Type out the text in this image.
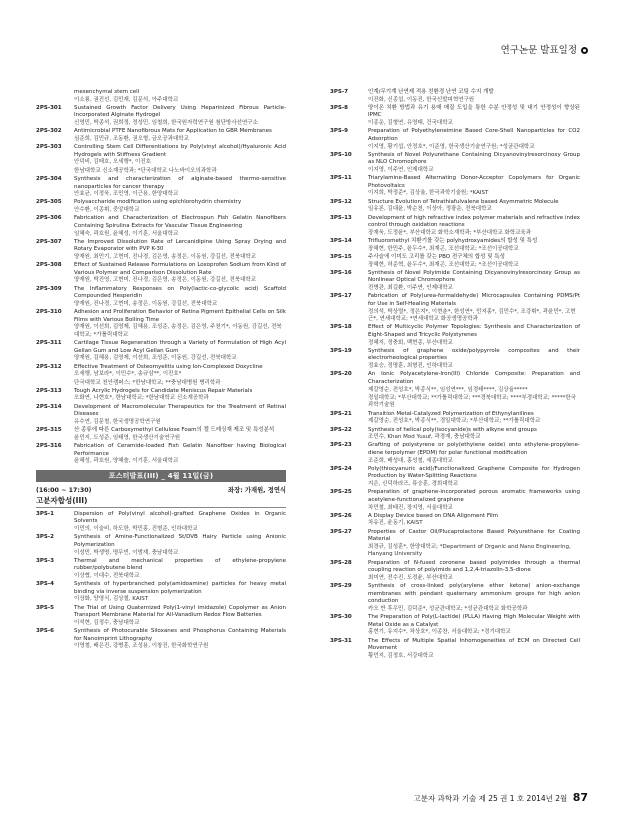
연구논문 발표일정
mesenchymal stem cell
이소룡, 권진선, 김민재, 김문석, 아주대학교
2PS-301 Sustained Growth Factor Delivery Using Heparinized Fibrous Particle-Incorporated Alginate Hydrogel
신영민, 박종석, 권희정, 정성민, 임철희, 한국원자력연구원 첨단방사선연구소
2PS-302 Antimicrobial PTFE Nanofibrous Mats for Application to GBR Membranes
심준희, 김민규, 조동환, 권오형, 금오공과대학교
2PS-303 Controlling Stem Cell Differentiations by Poly(vinyl alcohol)/Hyaluronic Acid Hydrogels with Stiffness Gradient
안덕비, 김태호, 오세행*, 이진호
한남대학교 신소재공학과; *단국대학교 나노바이오의과학과
2PS-304 Synthesis and characterization of alginate-based thermo-sensitive nanoparticles for cancer therapy
안효균, 이정욱, 조민영, 이근용, 한양대학교
2PS-305 Polysaccharide modification using epichlorohydrin chemistry
안수환, 이종휘, 중앙대학교
2PS-306 Fabrication and Characterization of Electrospun Fish Gelatin Nanofibers Containing Spirulina Extracts for Vascular Tissue Engineering
임혜숙, 곽호원, 윤혜성, 이기훈, 서울대학교
2PS-307 The Improved Dissolution Rate of Lercanidipine Using Spray Drying and Rotary Evaporator with PVP K-30
양재원, 최민기, 고현미, 진나경, 김은영, 송정은, 이동원, 강길선, 전북대학교
2PS-308 Effect of Sustained Release Formulations on Loxoprofen Sodium from Kind of Various Polymer and Comparison Dissolution Rate
양재원, 박진영, 고현미, 진나경, 김은영, 송정은, 이동원, 강길선, 전북대학교
2PS-309 The Inflammatory Responses on Poly(lactic-co-glycolic acid) Scaffold Compounded Hesperidin
양재원, 진나경, 고현미, 송정은, 이동원, 강길선, 전북대학교
2PS-310 Adhesion and Proliferation Behavior of Retina Pigment Epithelial Cells on Silk Films with Various Boiling Time
양재원, 이선희, 김영제, 김혜용, 조성준, 송정은, 김은영, 주천기*, 이동원, 강길선, 전북대학교; *가톨릭대학교
2PS-311 Cartilage Tissue Regeneration through a Variety of Formulation of High Acyl Gellan Gum and Low Acyl Gellan Gum
양재원, 김혜용, 김영제, 이선희, 조성준, 이동원, 강길선, 전북대학교
2PS-312 Effective Treatment of Osteomyelitis using Ion-Complexed Doxycline
오세행, 남보라*, 이민수*, 송규삼**, 이진호*
단국대학교 천안캠퍼스; *한남대학교; **충남대병원 병리학과
2PS-313 Tough Acrylic Hydrogels for Candidate Meniscus Repair Materials
오화연, 나현호*, 한남대학교; *한남대학교 신소재공학과
2PS-314 Development of Macromolecular Therapeutics for the Treatment of Retinal Diseases
유수연, 김문철, 한국생명공학연구원
2PS-315 산 종류에 따른 Carboxymethyl Cellulose Foam의 겔 드레싱재 제조 및 특성분석
윤민지, 도성준, 임태영, 한국생산기술연구원
2PS-316 Fabrication of Ceramide-loaded Fish Gelatin Nanofiber having Biological Performance
윤혜성, 곽호원, 양혜솔, 이기훈, 서울대학교
포스터발표(III) _ 4월 11일(금)
(16:00 ~ 17:30)	좌장: 가재원, 정연식
고분자합성(III)
3PS-1	Dispersion of Poly(vinyl alcohol)-grafted Graphene Oxides in Organic Solvents
이민의, 이슬비, 하도한, 박민홍, 진형준, 인하대학교
3PS-2	Synthesis of Amine-Functionalized St/DVB Hairy Particle using Anionic Polymerization
이성민, 박생명, 명무빈, 이범재, 충남대학교
3PS-3	Thermal and mechanical properties of ethylene-propylene rubber/polybutene blend
이상협, 이대수, 전북대학교
3PS-4	Synthesis of hyperbranched poly(amidoamine) particles for heavy metal binding via inverse suspension polymerization
이상화, 양영식, 김상철, KAIST
3PS-5	The Trial of Using Quaternized Poly(1-vinyl imidazole) Copolymer as Anion Transport Membrane Material for All-Vanadium Redox Flow Batteries
이석현, 김정수, 충남대학교
3PS-6	Synthesis of Photocurable Siloxanes and Phosphorus Containing Materials for Nanoimprint Lithography
이영철, 배은진, 강병훈, 조성용, 이창진, 한국화학연구원
3PS-7	인계/무기계 난연제 적용 친환경 난연 코팅 수지 개발
이진화, 신종섭, 이동진, 한국신발피혁연구원
3PS-8	양이온 치환 방법과 유기 용매 매질 도입을 통한 수분 안정성 및 대기 안정성이 향상된 IPMC
이종운, 김형연, 유영태, 건국대학교
3PS-9	Preparation of Polyethyleneimine Based Core-Shell Nanoparticles for CO2 Adsorption
이지영, 황기섭, 안정호*, 이준영, 한국생산기술연구원; *성균관대학교
3PS-10	Synthesis of Novel Polyurethane Containing Dicyanovinylresorcinoxy Group as NLO Chromophore
이지영, 이주연, 인제대학교
3PS-11	Triarylamine-Based Alternating Donor-Acceptor Copolymers for Organic Photovoltaics
이지희, 박정준*, 김상율, 한국과학기술원; *KAIST
3PS-12	Structure Evolution of Tetrathiafulvalene based Asymmetric Molecule
임유론, 김대윤, 박순천, 이상아, 정광운, 전북대학교
3PS-13	Development of high refractive index polymer materials and refractive index control through oxidation reactions
장재욱, 도정윤*, 부산대학교 화학소재학과; *부산대학교 화학교육과
3PS-14	Trifluoromethyl 치환기를 갖는 polyhydroxyamides의 합성 및 특성
장혜현, 한민주, 윤두수*, 최재곤, 조선대학교; *조선이공대학교
3PS-15	주사슬에 이미도 고리를 갖는 PBO 전구체의 합성 및 특성
장혜현, 허준혁, 윤두수*, 최재곤, 조선대학교; *조선이공대학교
3PS-16	Synthesis of Novel Polyimide Containing Dicyanovinylresorcinoxy Group as Nonlinear Optical Chromophore
전병관, 최길환, 이주연, 인제대학교
3PS-17	Fabrication of Poly(urea-formaldehyde) Microcapsules Containing PDMS/Pt for Use in Self-Healing Materials
정의석, 박상렬*, 정은지*, 이현춘*, 한성연*, 민지홍*, 김민수*, 조강휘*, 곽윤민*, 고현근*, 연세대학교; *연세대학교 화공생명공학과
3PS-18	Effect of Multicyclic Polymer Topologies: Synthesis and Characterization of Eight-Shaped and Tricyclic Polystyrenes
정혜지, 정충회, 백현종, 부산대학교
3PS-19	Synthesis of graphene oxide/polypyrrole composites and their electrorheological properties
정효승, 정명훈, 최형진, 인하대학교
3PS-20	An Ionic Polyacetylene-Iron(III) Chloride Composite: Preparation and Characterization
제갈영순, 전성호*, 박종식**, 임성연***, 임경태****, 김상율*****
경일대학교; *부산대학교; **가톨릭대학교; ***경북대학교; ****부경대학교; *****한국과학기술원
3PS-21	Transition Metal-Catalyzed Polymerization of Ethynylanilines
제갈영순, 전성호*, 박종식**, 경일대학교; *부산대학교; **가톨릭대학교
3PS-22	Synthesis of helical poly(isocyanide)s with alkyne end groups
조민수, Khan Mod Yusuf, 곽경재, 충남대학교
3PS-23	Grafting of polystyrene or poly(ethylene oxide) onto ethylene-propylene-diene terpolymer (EPDM) for polar functional modification
조준희, 배성대, 홍성철, 세종대학교
3PS-24	Poly(thiocyanuric acid)/Functionalized Graphene Composite for Hydrogen Production by Water-Splitting Reactions
지은, 신덕하라즈, 류승훈, 경희대학교
3PS-25	Preparation of graphene-incorporated porous aromatic frameworks using acetylene-functionalized graphene
차민철, 최태진, 장지영, 서울대학교
3PS-26	A Display Device based on DNA Alignment Film
차유진, 윤동기, KAIST
3PS-27	Properties of Castor Oil/Plucaprolactone Based Polyurethane for Coating Material
최경규, 김성훈*, 한양대학교; *Department of Organic and Nano Engineering, Hanyang University
3PS-28	Preparation of N-fused coronene based polyimides through a thermal coupling reaction of polyimids and 1,2,4-triazolin-3,5-dione
최미연, 전수진, 도정윤, 부산대학교
3PS-29	Synthesis of cross-linked poly(arylene ether ketone) anion-exchange membranes with pendant quaternary ammonium groups for high anion conduction
카오 반 후우민, 김덕준*, 성균관대학교; *성균관대학교 화학공학과
3PS-30	The Preparation of Poly(L-lactide) (PLLA) Having High Molecular Weight with Metal Oxide as a Catalyst
홍현기, 유지수*, 차상호*, 이종찬, 서울대학교; *경기대학교
3PS-31	The Effects of Multiple Spatial Inhomogeneities of ECM on Directed Cell Movement
황민지, 김정호, 서강대학교
고분자 과학과 기술 제 25 권 1 호 2014년 2월 87
